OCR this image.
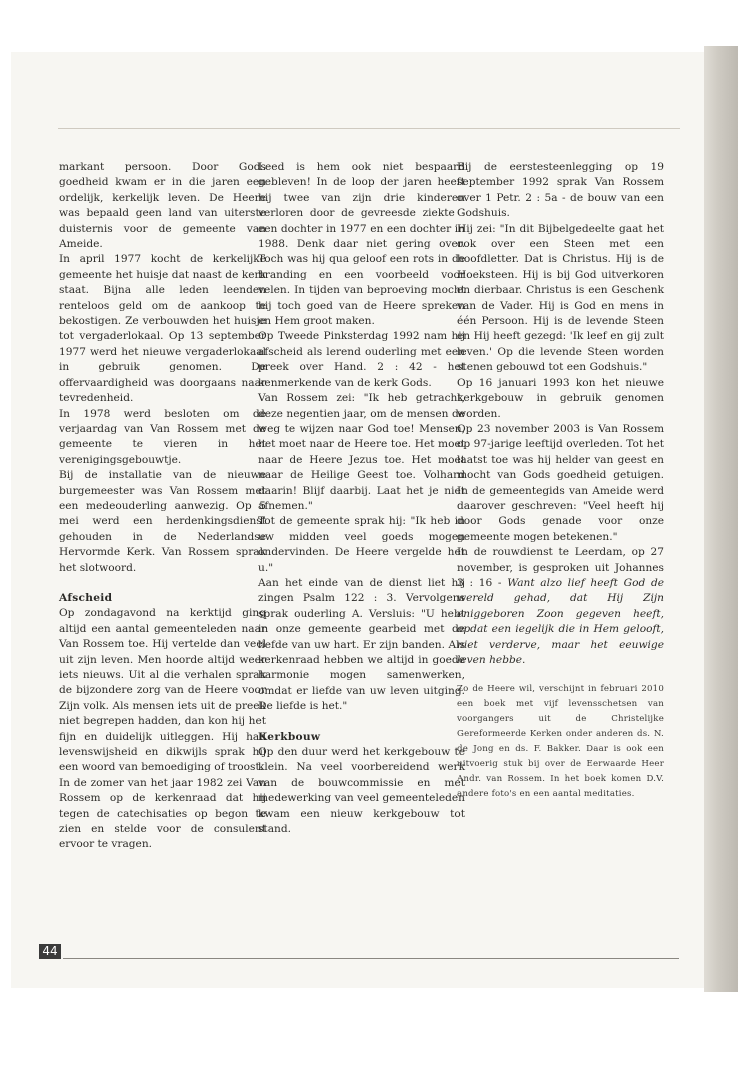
markant persoon. Door Gods goedheid kwam er in die jaren een ordelijk, kerkelijk leven. De Heere was bepaald geen land van uiterste duisternis voor de gemeente van Ameide.

In april 1977 kocht de kerkelijke gemeente het huisje dat naast de kerk staat. Bijna alle leden leenden renteloos geld om de aankoop te bekostigen. Ze verbouwden het huisje tot vergaderlokaal. Op 13 september 1977 werd het nieuwe vergaderlokaal in gebruik genomen. De offervaardigheid was doorgaans naar tevredenheid.

In 1978 werd besloten om de verjaardag van Van Rossem met de gemeente te vieren in het verenigingsgebouwtje.

Bij de installatie van de nieuwe burgemeester was Van Rossem met een medeouderling aanwezig. Op 5 mei werd een herdenkingsdienst gehouden in de Nederlandse Hervormde Kerk. Van Rossem sprak het slotwoord.

Afscheid

Op zondagavond na kerktijd ging altijd een aantal gemeenteleden naar Van Rossem toe. Hij vertelde dan veel uit zijn leven. Men hoorde altijd weer iets nieuws. Uit al die verhalen sprak de bijzondere zorg van de Heere voor Zijn volk. Als mensen iets uit de preek niet begrepen hadden, dan kon hij het fijn en duidelijk uitleggen. Hij had levenswijsheid en dikwijls sprak hij een woord van bemoediging of troost.

In de zomer van het jaar 1982 zei Van Rossem op de kerkenraad dat hij tegen de catechisaties op begon te zien en stelde voor de consulent ervoor te vragen.

Leed is hem ook niet bespaard gebleven! In de loop der jaren heeft hij twee van zijn drie kinderen verloren door de gevreesde ziekte - een dochter in 1977 en een dochter in 1988. Denk daar niet gering over. Toch was hij qua geloof een rots in de branding en een voorbeeld voor velen. In tijden van beproeving mocht hij toch goed van de Heere spreken en Hem groot maken.

Op Tweede Pinksterdag 1992 nam hij afscheid als lerend ouderling met een preek over Hand. 2 : 42 - het kenmerkende van de kerk Gods.

Van Rossem zei: "Ik heb getracht, deze negentien jaar, om de mensen de weg te wijzen naar God toe! Mensen, het moet naar de Heere toe. Het moet naar de Heere Jezus toe. Het moet naar de Heilige Geest toe. Volhard daarin! Blijf daarbij. Laat het je niet afnemen."

Tot de gemeente sprak hij: "Ik heb in uw midden veel goeds mogen ondervinden. De Heere vergelde het u."

Aan het einde van de dienst liet hij zingen Psalm 122 : 3. Vervolgens sprak ouderling A. Versluis: "U hebt in onze gemeente gearbeid met de liefde van uw hart. Er zijn banden. Als kerkenraad hebben we altijd in goede harmonie mogen samenwerken, omdat er liefde van uw leven uitging. De liefde is het."

Kerkbouw

Op den duur werd het kerkgebouw te klein. Na veel voorbereidend werk van de bouwcommissie en met medewerking van veel gemeenteleden kwam een nieuw kerkgebouw tot stand.

Bij de eerstesteenlegging op 19 september 1992 sprak Van Rossem over 1 Petr. 2 : 5a - de bouw van een Godshuis.

Hij zei: "In dit Bijbelgedeelte gaat het ook over een Steen met een hoofdletter. Dat is Christus. Hij is de Hoeksteen. Hij is bij God uitverkoren en dierbaar. Christus is een Geschenk van de Vader. Hij is God en mens in één Persoon. Hij is de levende Steen en Hij heeft gezegd: 'Ik leef en gij zult leven.' Op die levende Steen worden stenen gebouwd tot een Godshuis."

Op 16 januari 1993 kon het nieuwe kerkgebouw in gebruik genomen worden.

Op 23 november 2003 is Van Rossem op 97-jarige leeftijd overleden. Tot het laatst toe was hij helder van geest en mocht van Gods goedheid getuigen. In de gemeentegids van Ameide werd daarover geschreven: "Veel heeft hij door Gods genade voor onze gemeente mogen betekenen."

In de rouwdienst te Leerdam, op 27 november, is gesproken uit Johannes 3 : 16 - Want alzo lief heeft God de wereld gehad, dat Hij Zijn eniggeboren Zoon gegeven heeft, opdat een iegelijk die in Hem gelooft, niet verderve, maar het eeuwige leven hebbe.

Zo de Heere wil, verschijnt in februari 2010 een boek met vijf levensschetsen van voorgangers uit de Christelijke Gereformeerde Kerken onder anderen ds. N. de Jong en ds. F. Bakker. Daar is ook een uitvoerig stuk bij over de Eerwaarde Heer Andr. van Rossem. In het boek komen D.V. andere foto's en een aantal meditaties.

44
